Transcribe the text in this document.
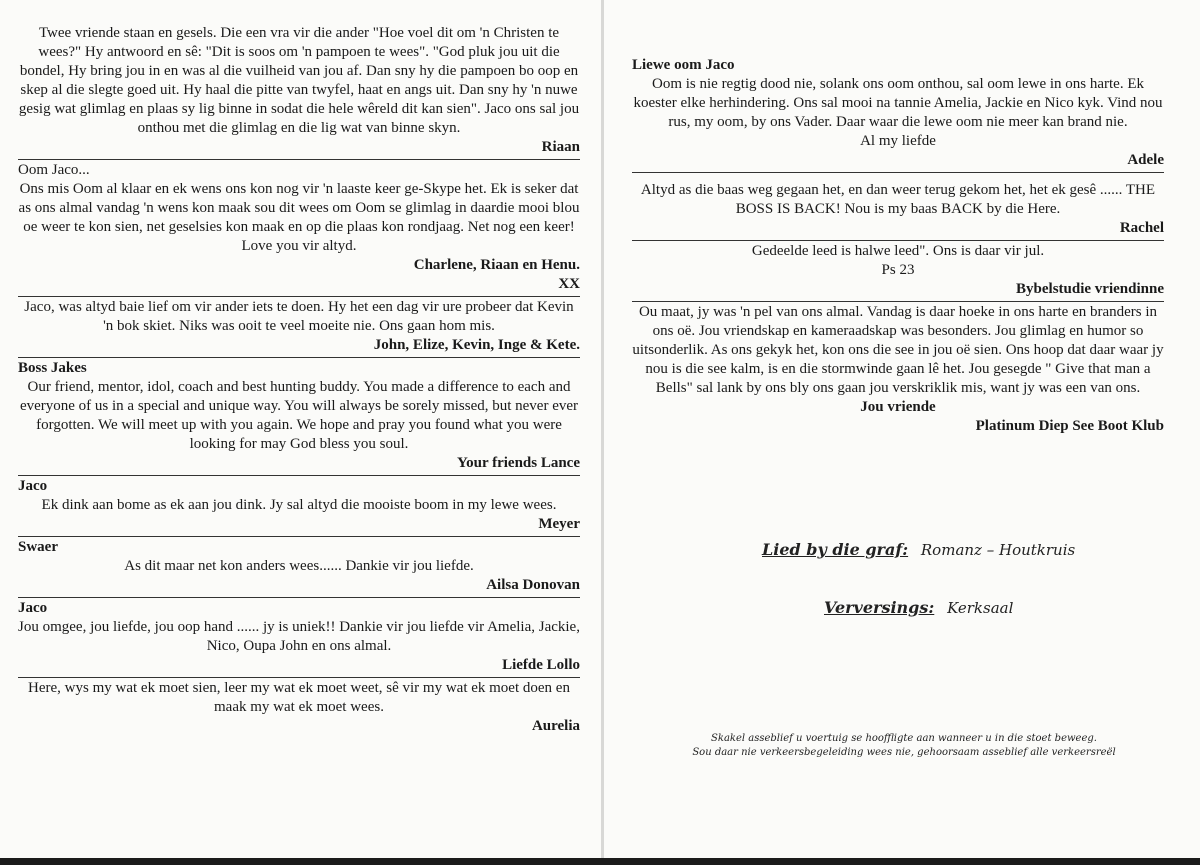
Twee vriende staan en gesels. Die een vra vir die ander "Hoe voel dit om 'n Christen te wees?" Hy antwoord en sê: "Dit is soos om 'n pampoen te wees". "God pluk jou uit die bondel, Hy bring jou in en was al die vuilheid van jou af. Dan sny hy die pampoen bo oop en skep al die slegte goed uit. Hy haal die pitte van twyfel, haat en angs uit. Dan sny hy 'n nuwe gesig wat glimlag en plaas sy lig binne in sodat die hele wêreld dit kan sien". Jaco ons sal jou onthou met die glimlag en die lig wat van binne skyn.
Riaan
Oom Jaco...
Ons mis Oom al klaar en ek wens ons kon nog vir 'n laaste keer ge-Skype het. Ek is seker dat as ons almal vandag 'n wens kon maak sou dit wees om Oom se glimlag in daardie mooi blou oe weer te kon sien, net geselsies kon maak en op die plaas kon rondjaag. Net nog een keer!
Love you vir altyd.
Charlene, Riaan en Henu.
XX
Jaco, was altyd baie lief om vir ander iets te doen. Hy het een dag vir ure probeer dat Kevin 'n bok skiet. Niks was ooit te veel moeite nie. Ons gaan hom mis.
John, Elize, Kevin, Inge & Kete.
Boss Jakes
Our friend, mentor, idol, coach and best hunting buddy. You made a difference to each and everyone of us in a special and unique way. You will always be sorely missed, but never ever forgotten. We will meet up with you again. We hope and pray you found what you were looking for may God bless you soul.
Your friends Lance
Jaco
Ek dink aan bome as ek aan jou dink. Jy sal altyd die mooiste boom in my lewe wees.
Meyer
Swaer
As dit maar net kon anders wees...... Dankie vir jou liefde.
Ailsa Donovan
Jaco
Jou omgee, jou liefde, jou oop hand ...... jy is uniek!! Dankie vir jou liefde vir Amelia, Jackie, Nico, Oupa John en ons almal.
Liefde Lollo
Here, wys my wat ek moet sien, leer my wat ek moet weet, sê vir my wat ek moet doen en maak my wat ek moet wees.
Aurelia
Liewe oom Jaco
Oom is nie regtig dood nie, solank ons oom onthou, sal oom lewe in ons harte. Ek koester elke herhindering. Ons sal mooi na tannie Amelia, Jackie en Nico kyk. Vind nou rus, my oom, by ons Vader. Daar waar die lewe oom nie meer kan brand nie.
Al my liefde
Adele
Altyd as die baas weg gegaan het, en dan weer terug gekom het, het ek gesê ...... THE BOSS IS BACK! Nou is my baas BACK by die Here.
Rachel
Gedeelde leed is halwe leed". Ons is daar vir jul.
Ps 23
Bybelstudie vriendinne
Ou maat, jy was 'n pel van ons almal. Vandag is daar hoeke in ons harte en branders in ons oë. Jou vriendskap en kameraadskap was besonders. Jou glimlag en humor so uitsonderlik. As ons gekyk het, kon ons die see in jou oë sien. Ons hoop dat daar waar jy nou is die see kalm, is en die stormwinde gaan lê het. Jou gesegde " Give that man a Bells" sal lank by ons bly ons gaan jou verskriklik mis, want jy was een van ons.
Jou vriende
Platinum Diep See Boot Klub
Lied by die graf: Romanz – Houtkruis
Verversings: Kerksaal
Skakel asseblief u voertuig se hooffligte aan wanneer u in die stoet beweeg.
Sou daar nie verkeersbegeleiding wees nie, gehoorsaam asseblief alle verkeersreël
